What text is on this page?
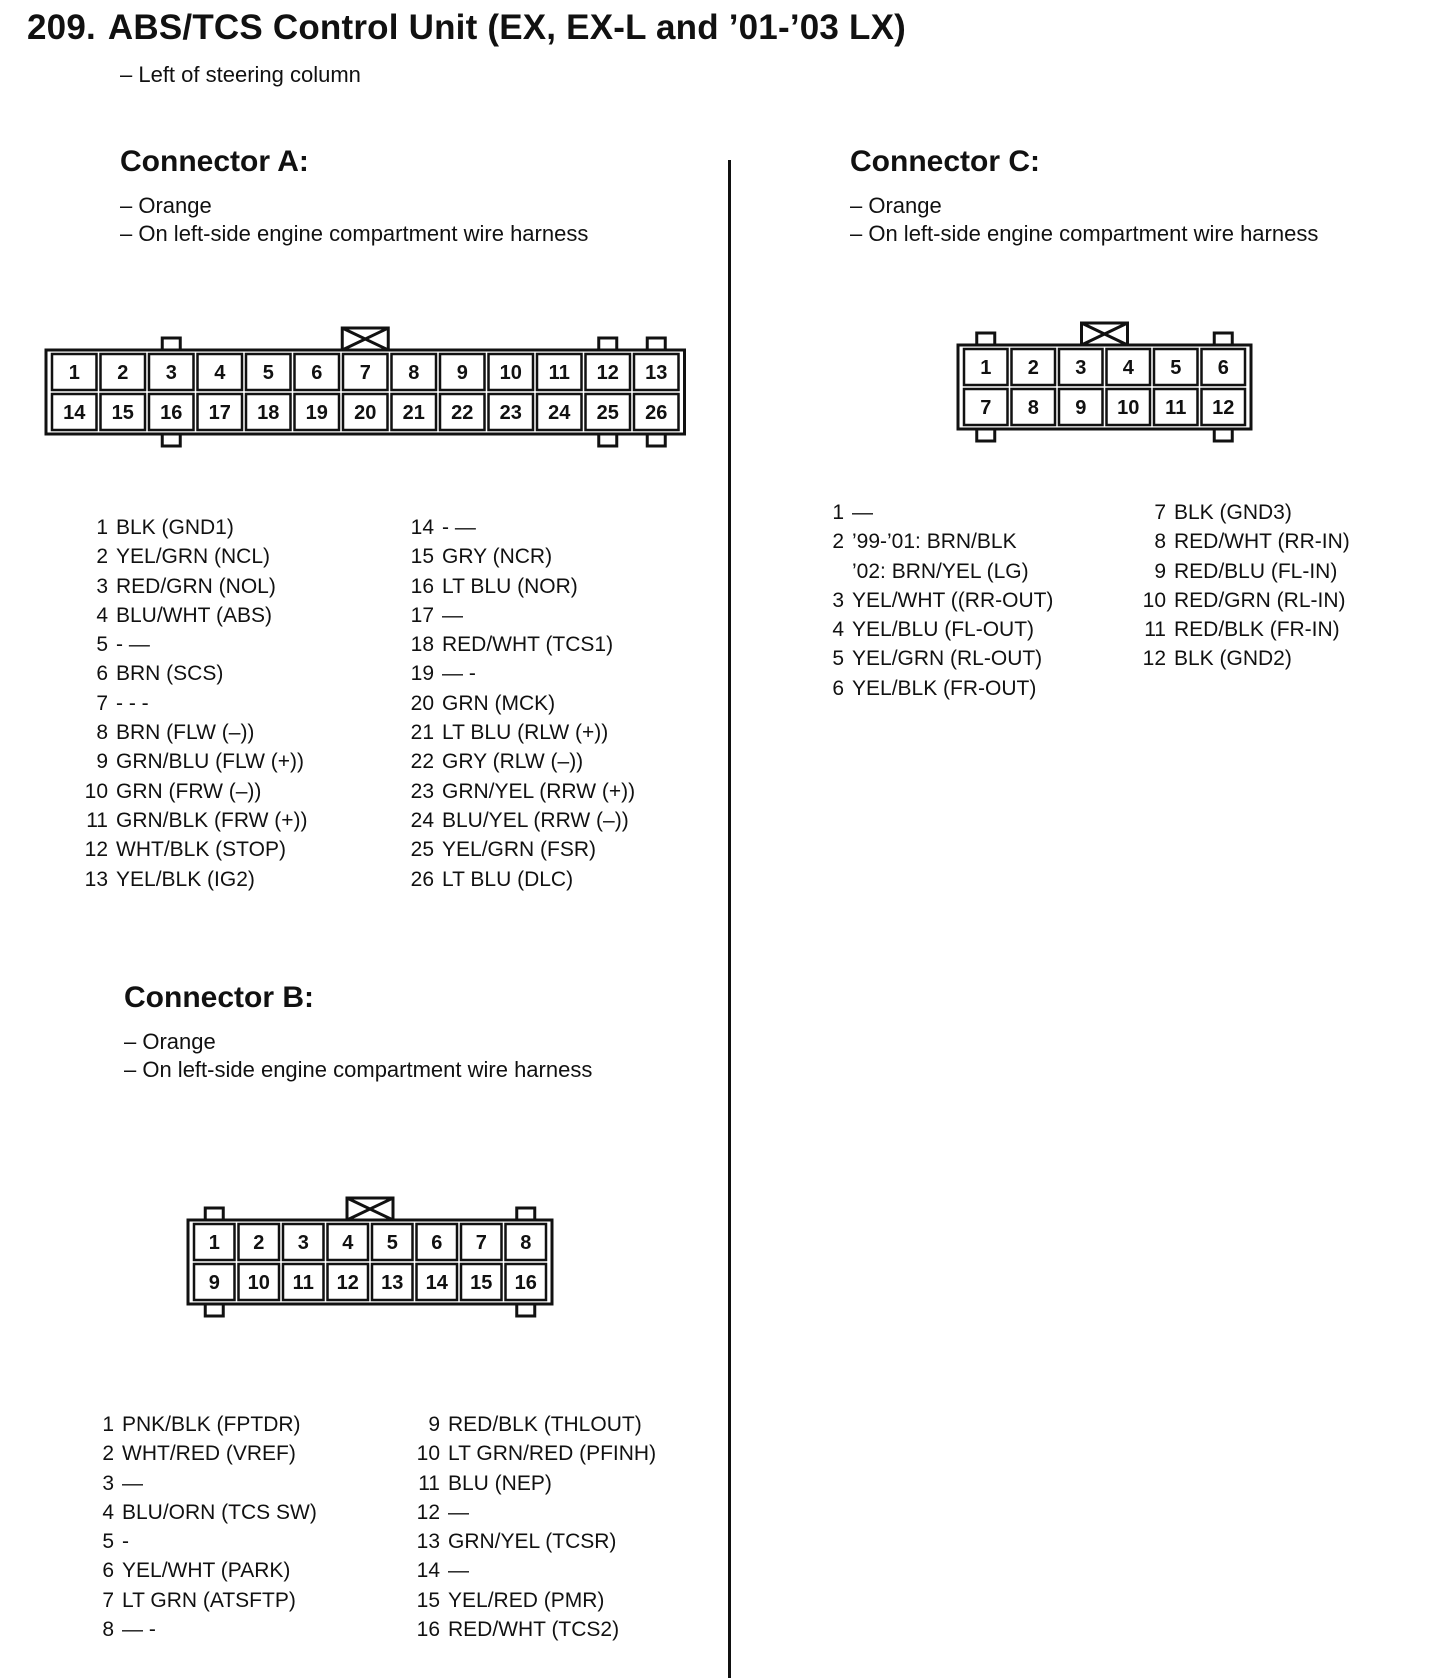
209. ABS/TCS Control Unit (EX, EX-L and ’01-’03 LX)
– Left of steering column
Connector A:
– Orange
– On left-side engine compartment wire harness
1 2 3 4 5 6 7 8 9 10 11 12 13
14 15 16 17 18 19 20 21 22 23 24 25 26
1 BLK (GND1)
2 YEL/GRN (NCL)
3 RED/GRN (NOL)
4 BLU/WHT (ABS)
5 - —
6 BRN (SCS)
7 - - -
8 BRN (FLW (–))
9 GRN/BLU (FLW (+))
10 GRN (FRW (–))
11 GRN/BLK (FRW (+))
12 WHT/BLK (STOP)
13 YEL/BLK (IG2)
14 - —
15 GRY (NCR)
16 LT BLU (NOR)
17 —
18 RED/WHT (TCS1)
19 — -
20 GRN (MCK)
21 LT BLU (RLW (+))
22 GRY (RLW (–))
23 GRN/YEL (RRW (+))
24 BLU/YEL (RRW (–))
25 YEL/GRN (FSR)
26 LT BLU (DLC)
Connector B:
– Orange
– On left-side engine compartment wire harness
1 2 3 4 5 6 7 8
9 10 11 12 13 14 15 16
1 PNK/BLK (FPTDR)
2 WHT/RED (VREF)
3 —
4 BLU/ORN (TCS SW)
5 -
6 YEL/WHT (PARK)
7 LT GRN (ATSFTP)
8 — -
9 RED/BLK (THLOUT)
10 LT GRN/RED (PFINH)
11 BLU (NEP)
12 —
13 GRN/YEL (TCSR)
14 —
15 YEL/RED (PMR)
16 RED/WHT (TCS2)
Connector C:
– Orange
– On left-side engine compartment wire harness
1 2 3 4 5 6
7 8 9 10 11 12
1 —
2 ’99-’01: BRN/BLK
’02: BRN/YEL (LG)
3 YEL/WHT ((RR-OUT)
4 YEL/BLU (FL-OUT)
5 YEL/GRN (RL-OUT)
6 YEL/BLK (FR-OUT)
7 BLK (GND3)
8 RED/WHT (RR-IN)
9 RED/BLU (FL-IN)
10 RED/GRN (RL-IN)
11 RED/BLK (FR-IN)
12 BLK (GND2)
